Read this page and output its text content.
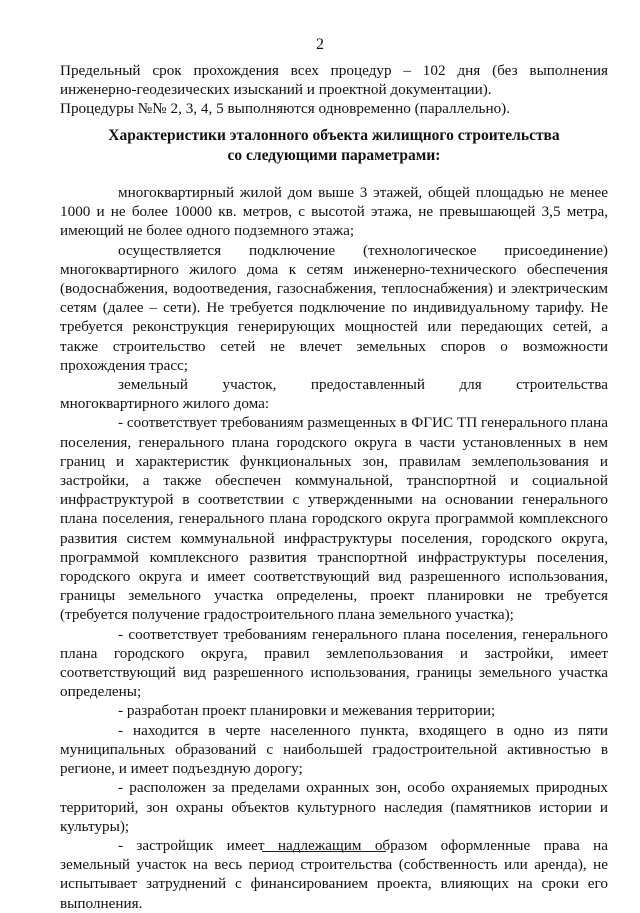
2

Предельный срок прохождения всех процедур – 102 дня (без выполнения инженерно-геодезических изысканий и проектной документации).

Процедуры №№ 2, 3, 4, 5 выполняются одновременно (параллельно).

Характеристики эталонного объекта жилищного строительства
со следующими параметрами:

многоквартирный жилой дом выше 3 этажей, общей площадью не менее 1000 и не более 10000 кв. метров, с высотой этажа, не превышающей 3,5 метра, имеющий не более одного подземного этажа;

осуществляется подключение (технологическое присоединение) многоквартирного жилого дома к сетям инженерно-технического обеспечения (водоснабжения, водоотведения, газоснабжения, теплоснабжения) и электрическим сетям (далее – сети). Не требуется подключение по индивидуальному тарифу. Не требуется реконструкция генерирующих мощностей или передающих сетей, а также строительство сетей не влечет земельных споров о возможности прохождения трасс;

земельный участок, предоставленный для строительства многоквартирного жилого дома:

- соответствует требованиям размещенных в ФГИС ТП генерального плана поселения, генерального плана городского округа в части установленных в нем границ и характеристик функциональных зон, правилам землепользования и застройки, а также обеспечен коммунальной, транспортной и социальной инфраструктурой в соответствии с утвержденными на основании генерального плана поселения, генерального плана городского округа программой комплексного развития систем коммунальной инфраструктуры поселения, городского округа, программой комплексного развития транспортной инфраструктуры поселения, городского округа и имеет соответствующий вид разрешенного использования, границы земельного участка определены, проект планировки не требуется (требуется получение градостроительного плана земельного участка);

- соответствует требованиям генерального плана поселения, генерального плана городского округа, правил землепользования и застройки, имеет соответствующий вид разрешенного использования, границы земельного участка определены;

- разработан проект планировки и межевания территории;

- находится в черте населенного пункта, входящего в одно из пяти муниципальных образований с наибольшей градостроительной активностью в регионе, и имеет подъездную дорогу;

- расположен за пределами охранных зон, особо охраняемых природных территорий, зон охраны объектов культурного наследия (памятников истории и культуры);

- застройщик имеет надлежащим образом оформленные права на земельный участок на весь период строительства (собственность или аренда), не испытывает затруднений с финансированием проекта, влияющих на сроки его выполнения.
